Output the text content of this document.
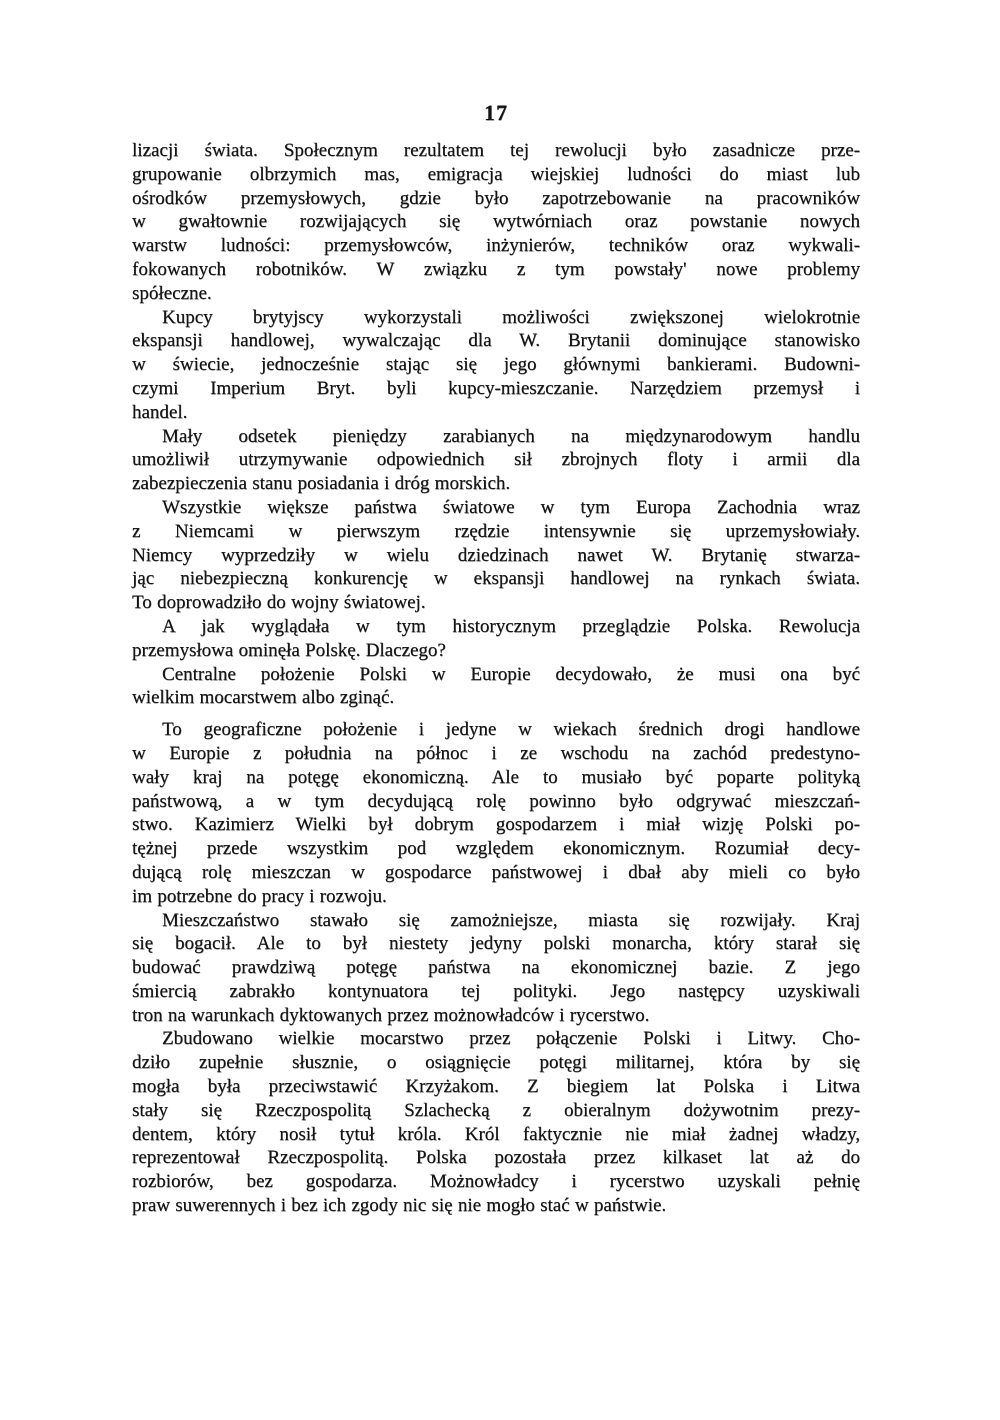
17
lizacji świata. Społecznym rezultatem tej rewolucji było zasadnicze prze-
grupowanie olbrzymich mas, emigracja wiejskiej ludności do miast lub
ośrodków przemysłowych, gdzie było zapotrzebowanie na pracowników
w gwałtownie rozwijających się wytwórniach oraz powstanie nowych
warstw ludności: przemysłowców, inżynierów, techników oraz wykwali-
fokowanych robotników. W związku z tym powstały' nowe problemy
spółeczne.
Kupcy brytyjscy wykorzystali możliwości zwiększonej wielokrotnie
ekspansji handlowej, wywalczając dla W. Brytanii dominujące stanowisko
w świecie, jednocześnie stając się jego głównymi bankierami. Budowni-
czymi Imperium Bryt. byli kupcy-mieszczanie. Narzędziem przemysł i
handel.
Mały odsetek pieniędzy zarabianych na międzynarodowym handlu
umożliwił utrzymywanie odpowiednich sił zbrojnych floty i armii dla
zabezpieczenia stanu posiadania i dróg morskich.
Wszystkie większe państwa światowe w tym Europa Zachodnia wraz
z Niemcami w pierwszym rzędzie intensywnie się uprzemysłowiały.
Niemcy wyprzedziły w wielu dziedzinach nawet W. Brytanię stwarza-
jąc niebezpieczną konkurencję w ekspansji handlowej na rynkach świata.
To doprowadziło do wojny światowej.
A jak wyglądała w tym historycznym przeglądzie Polska. Rewolucja
przemysłowa ominęła Polskę. Dlaczego?
Centralne położenie Polski w Europie decydowało, że musi ona być
wielkim mocarstwem albo zginąć.
To geograficzne położenie i jedyne w wiekach średnich drogi handlowe
w Europie z południa na północ i ze wschodu na zachód predestyno-
wały kraj na potęgę ekonomiczną. Ale to musiało być poparte polityką
państwową, a w tym decydującą rolę powinno było odgrywać mieszczań-
stwo. Kazimierz Wielki był dobrym gospodarzem i miał wizję Polski po-
tężnej przede wszystkim pod względem ekonomicznym. Rozumiał decy-
dującą rolę mieszczan w gospodarce państwowej i dbał aby mieli co było
im potrzebne do pracy i rozwoju.
Mieszczaństwo stawało się zamożniejsze, miasta się rozwijały. Kraj
się bogacił. Ale to był niestety jedyny polski monarcha, który starał się
budować prawdziwą potęgę państwa na ekonomicznej bazie. Z jego
śmiercią zabrakło kontynuatora tej polityki. Jego następcy uzyskiwali
tron na warunkach dyktowanych przez możnowładców i rycerstwo.
Zbudowano wielkie mocarstwo przez połączenie Polski i Litwy. Cho-
dziło zupełnie słusznie, o osiągnięcie potęgi militarnej, która by się
mogła była przeciwstawić Krzyżakom. Z biegiem lat Polska i Litwa
stały się Rzeczpospolitą Szlachecką z obieralnym dożywotnim prezy-
dentem, który nosił tytuł króla. Król faktycznie nie miał żadnej władzy,
reprezentował Rzeczpospolitą. Polska pozostała przez kilkaset lat aż do
rozbiorów, bez gospodarza. Możnowładcy i rycerstwo uzyskali pełnię
praw suwerennych i bez ich zgody nic się nie mogło stać w państwie.
